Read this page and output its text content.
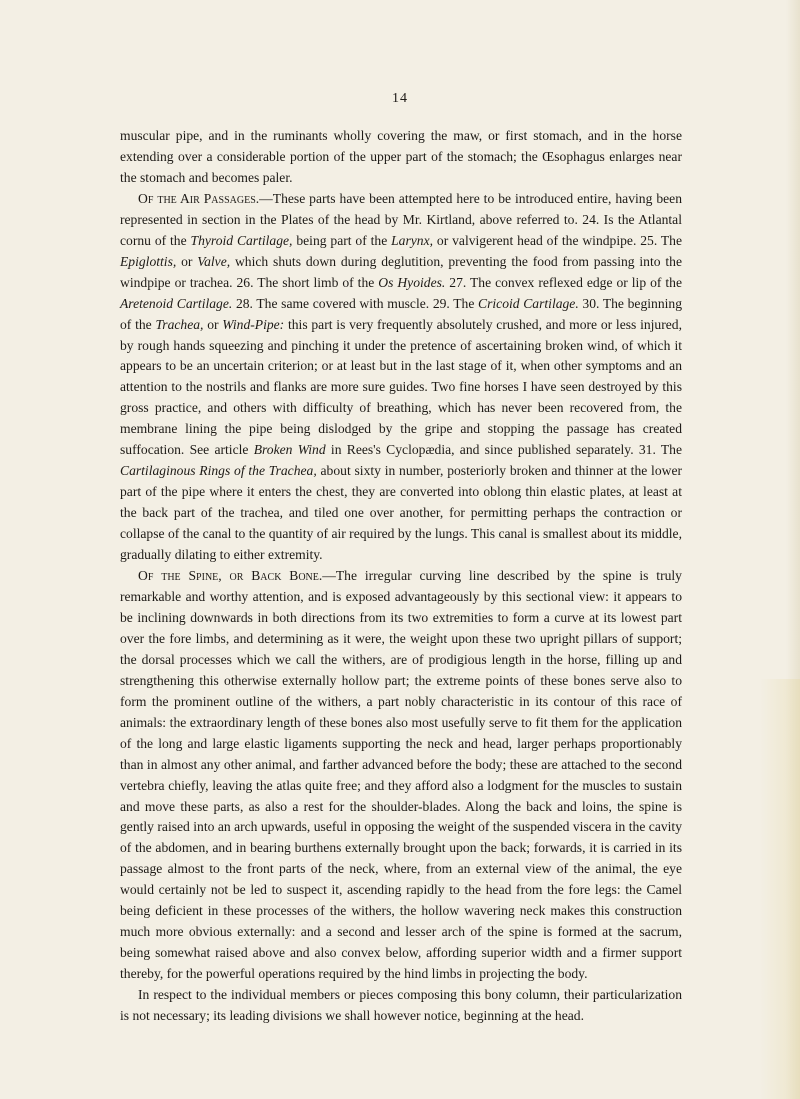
14

muscular pipe, and in the ruminants wholly covering the maw, or first stomach, and in the horse extending over a considerable portion of the upper part of the stomach; the Œsophagus enlarges near the stomach and becomes paler.

Of the Air Passages.—These parts have been attempted here to be introduced entire, having been represented in section in the Plates of the head by Mr. Kirtland, above referred to. 24. Is the Atlantal cornu of the Thyroid Cartilage, being part of the Larynx, or valvigerent head of the windpipe. 25. The Epiglottis, or Valve, which shuts down during deglutition, preventing the food from passing into the windpipe or trachea. 26. The short limb of the Os Hyoides. 27. The convex reflexed edge or lip of the Aretenoid Cartilage. 28. The same covered with muscle. 29. The Cricoid Cartilage. 30. The beginning of the Trachea, or Wind-Pipe: this part is very frequently absolutely crushed, and more or less injured, by rough hands squeezing and pinching it under the pretence of ascertaining broken wind, of which it appears to be an uncertain criterion; or at least but in the last stage of it, when other symptoms and an attention to the nostrils and flanks are more sure guides. Two fine horses I have seen destroyed by this gross practice, and others with difficulty of breathing, which has never been recovered from, the membrane lining the pipe being dislodged by the gripe and stopping the passage has created suffocation. See article Broken Wind in Rees's Cyclopædia, and since published separately. 31. The Cartilaginous Rings of the Trachea, about sixty in number, posteriorly broken and thinner at the lower part of the pipe where it enters the chest, they are converted into oblong thin elastic plates, at least at the back part of the trachea, and tiled one over another, for permitting perhaps the contraction or collapse of the canal to the quantity of air required by the lungs. This canal is smallest about its middle, gradually dilating to either extremity.

Of the Spine, or Back Bone.—The irregular curving line described by the spine is truly remarkable and worthy attention, and is exposed advantageously by this sectional view: it appears to be inclining downwards in both directions from its two extremities to form a curve at its lowest part over the fore limbs, and determining as it were, the weight upon these two upright pillars of support; the dorsal processes which we call the withers, are of prodigious length in the horse, filling up and strengthening this otherwise externally hollow part; the extreme points of these bones serve also to form the prominent outline of the withers, a part nobly characteristic in its contour of this race of animals: the extraordinary length of these bones also most usefully serve to fit them for the application of the long and large elastic ligaments supporting the neck and head, larger perhaps proportionably than in almost any other animal, and farther advanced before the body; these are attached to the second vertebra chiefly, leaving the atlas quite free; and they afford also a lodgment for the muscles to sustain and move these parts, as also a rest for the shoulder-blades. Along the back and loins, the spine is gently raised into an arch upwards, useful in opposing the weight of the suspended viscera in the cavity of the abdomen, and in bearing burthens externally brought upon the back; forwards, it is carried in its passage almost to the front parts of the neck, where, from an external view of the animal, the eye would certainly not be led to suspect it, ascending rapidly to the head from the fore legs: the Camel being deficient in these processes of the withers, the hollow wavering neck makes this construction much more obvious externally: and a second and lesser arch of the spine is formed at the sacrum, being somewhat raised above and also convex below, affording superior width and a firmer support thereby, for the powerful operations required by the hind limbs in projecting the body.

In respect to the individual members or pieces composing this bony column, their particularization is not necessary; its leading divisions we shall however notice, beginning at the head.
